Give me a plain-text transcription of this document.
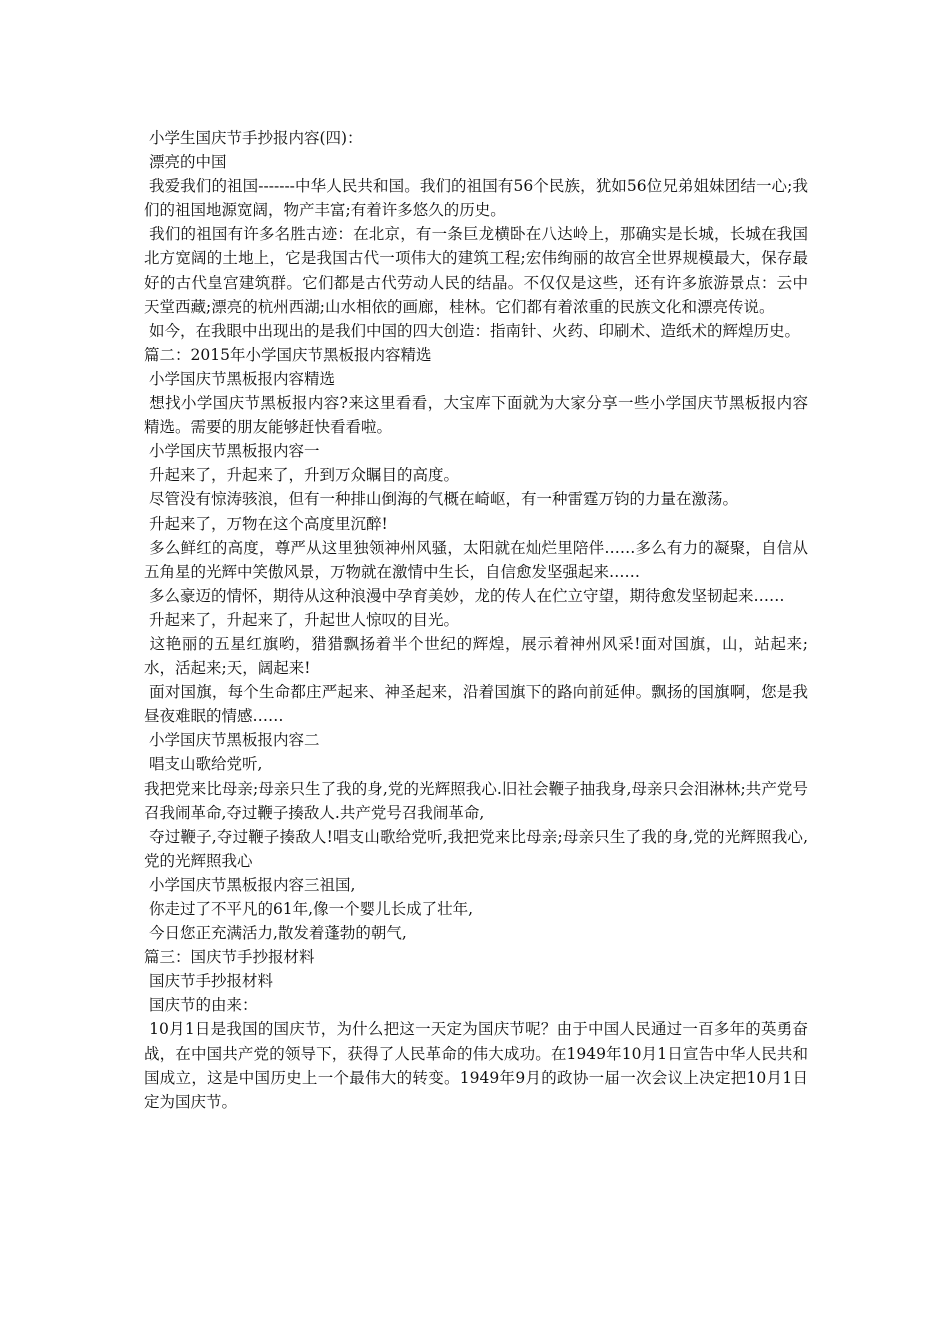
小学生国庆节手抄报内容(四)：

漂亮的中国

我爱我们的祖国-------中华人民共和国。我们的祖国有56个民族，犹如56位兄弟姐妹团结一心;我们的祖国地源宽阔，物产丰富;有着许多悠久的历史。

我们的祖国有许多名胜古迹：在北京，有一条巨龙横卧在八达岭上，那确实是长城，长城在我国北方宽阔的土地上，它是我国古代一项伟大的建筑工程;宏伟绚丽的故宫全世界规模最大，保存最好的古代皇宫建筑群。它们都是古代劳动人民的结晶。不仅仅是这些，还有许多旅游景点：云中天堂西藏;漂亮的杭州西湖;山水相依的画廊，桂林。它们都有着浓重的民族文化和漂亮传说。

如今，在我眼中出现出的是我们中国的四大创造：指南针、火药、印刷术、造纸术的辉煌历史。

篇二：2015年小学国庆节黑板报内容精选

小学国庆节黑板报内容精选

想找小学国庆节黑板报内容?来这里看看，大宝库下面就为大家分享一些小学国庆节黑板报内容精选。需要的朋友能够赶快看看啦。

小学国庆节黑板报内容一

升起来了，升起来了，升到万众瞩目的高度。

尽管没有惊涛骇浪，但有一种排山倒海的气概在崎岖，有一种雷霆万钧的力量在激荡。

升起来了，万物在这个高度里沉醉!

多么鲜红的高度，尊严从这里独领神州风骚，太阳就在灿烂里陪伴……多么有力的凝聚，自信从五角星的光辉中笑傲风景，万物就在激情中生长，自信愈发坚强起来……

多么豪迈的情怀，期待从这种浪漫中孕育美妙，龙的传人在伫立守望，期待愈发坚韧起来……

升起来了，升起来了，升起世人惊叹的目光。

这艳丽的五星红旗哟，猎猎飘扬着半个世纪的辉煌，展示着神州风采!面对国旗，山，站起来;水，活起来;天，阔起来!

面对国旗，每个生命都庄严起来、神圣起来，沿着国旗下的路向前延伸。飘扬的国旗啊，您是我昼夜难眠的情感……

小学国庆节黑板报内容二

唱支山歌给党听,

我把党来比母亲;母亲只生了我的身,党的光辉照我心.旧社会鞭子抽我身,母亲只会泪淋林;共产党号召我闹革命,夺过鞭子揍敌人.共产党号召我闹革命,

夺过鞭子,夺过鞭子揍敌人!唱支山歌给党听,我把党来比母亲;母亲只生了我的身,党的光辉照我心,党的光辉照我心

小学国庆节黑板报内容三祖国,

你走过了不平凡的61年,像一个婴儿长成了壮年,

今日您正充满活力,散发着蓬勃的朝气,

篇三：国庆节手抄报材料

国庆节手抄报材料

国庆节的由来：

10月1日是我国的国庆节，为什么把这一天定为国庆节呢？由于中国人民通过一百多年的英勇奋战，在中国共产党的领导下，获得了人民革命的伟大成功。在1949年10月1日宣告中华人民共和国成立，这是中国历史上一个最伟大的转变。1949年9月的政协一届一次会议上决定把10月1日定为国庆节。
